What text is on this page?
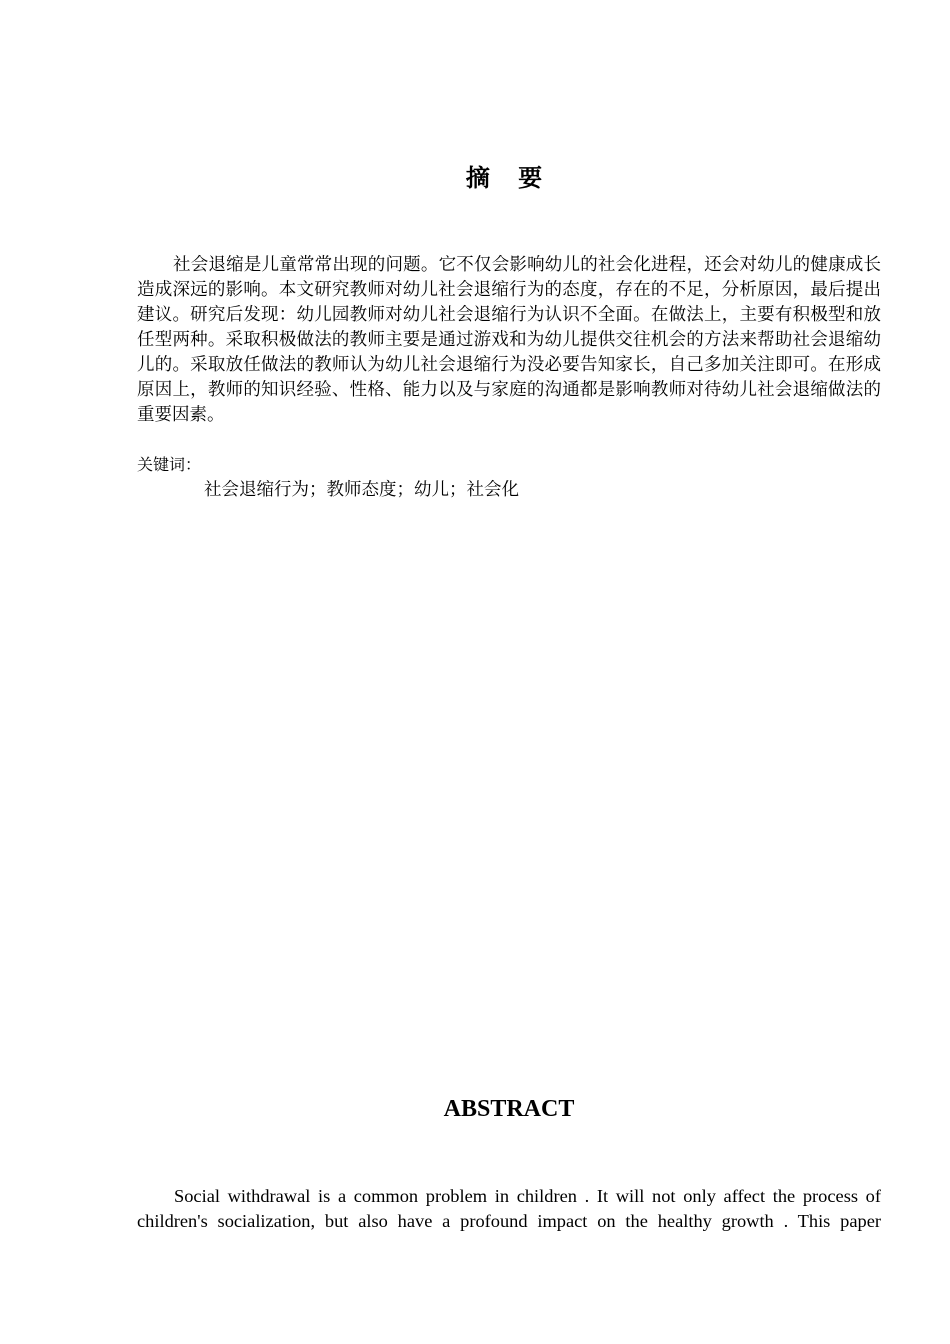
摘 要

社会退缩是儿童常常出现的问题。它不仅会影响幼儿的社会化进程，还会对幼儿的健康成长造成深远的影响。本文研究教师对幼儿社会退缩行为的态度，存在的不足，分析原因，最后提出建议。研究后发现：幼儿园教师对幼儿社会退缩行为认识不全面。在做法上，主要有积极型和放任型两种。采取积极做法的教师主要是通过游戏和为幼儿提供交往机会的方法来帮助社会退缩幼儿的。采取放任做法的教师认为幼儿社会退缩行为没必要告知家长，自己多加关注即可。在形成原因上，教师的知识经验、性格、能力以及与家庭的沟通都是影响教师对待幼儿社会退缩做法的重要因素。

关键词：
社会退缩行为；教师态度；幼儿；社会化
ABSTRACT

Social withdrawal is a common problem in children . It will not only affect the process of children's socialization, but also have a profound impact on the healthy growth . This paper
